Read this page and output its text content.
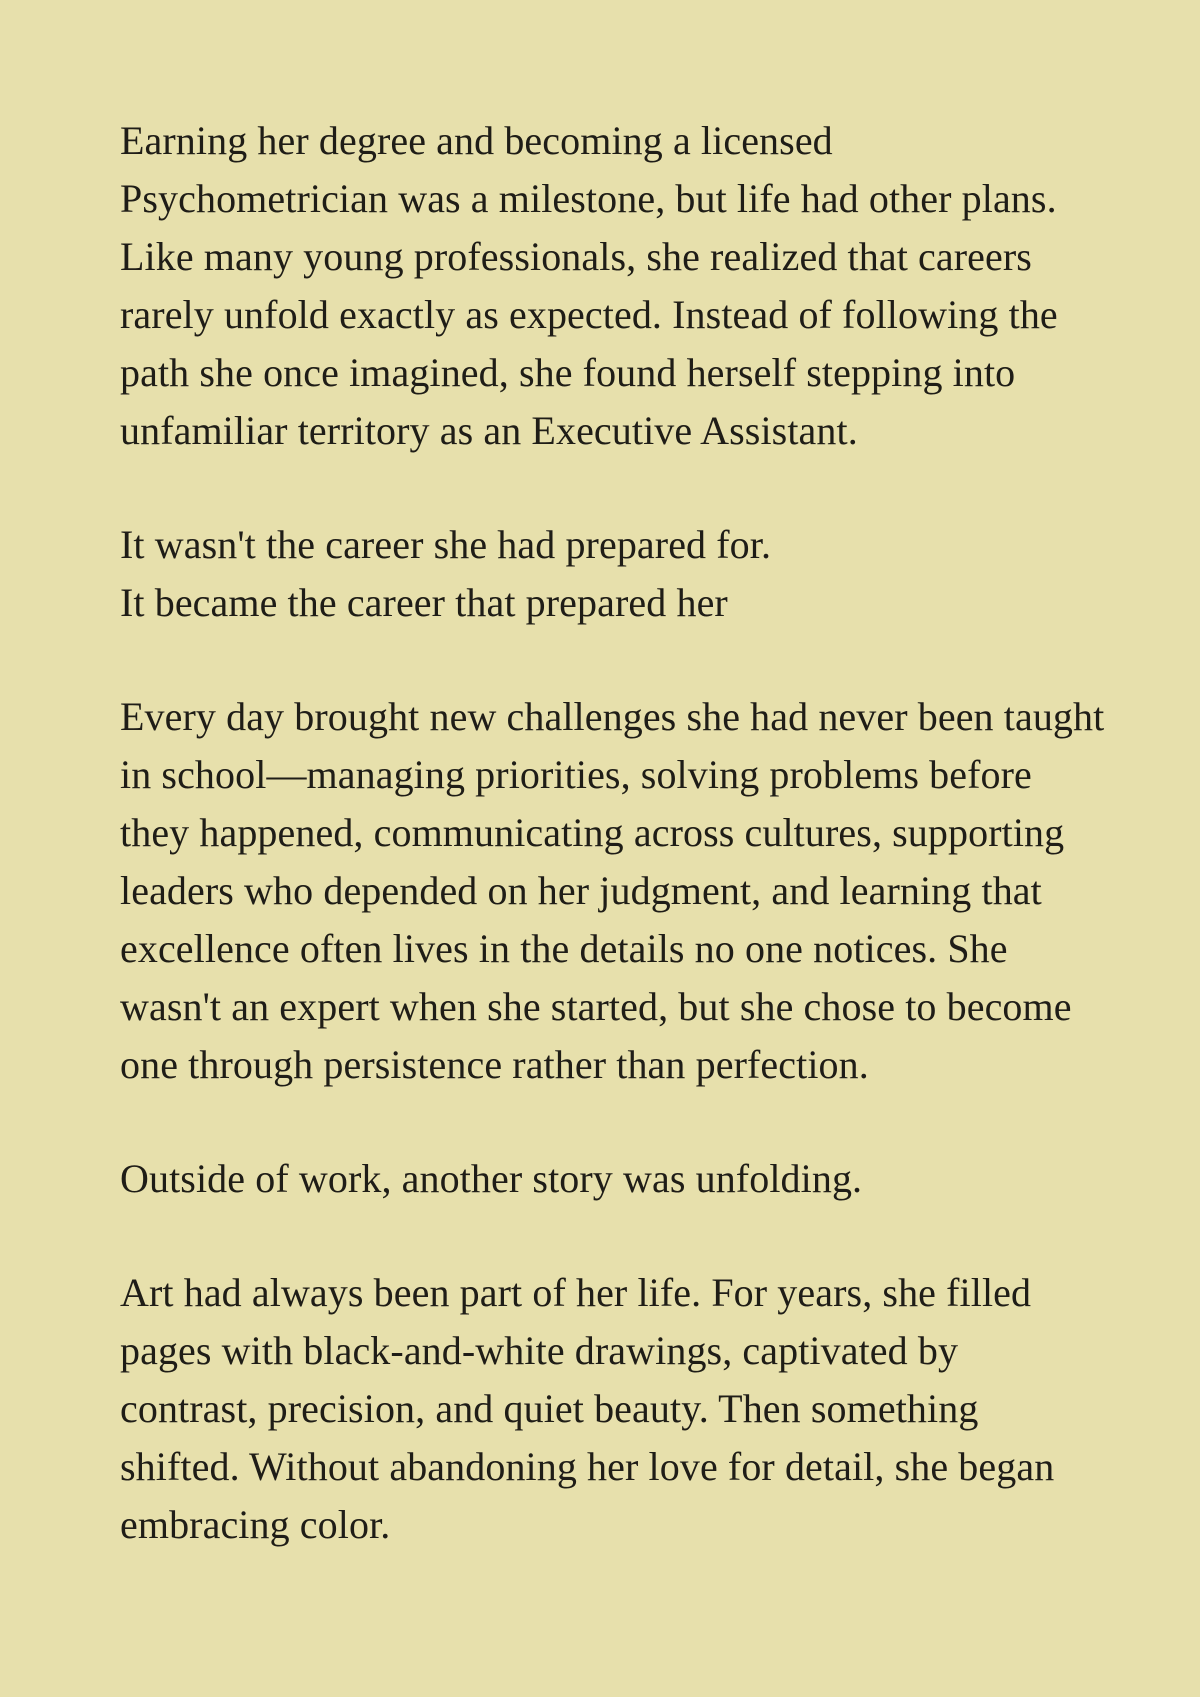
Earning her degree and becoming a licensed
Psychometrician was a milestone, but life had other plans.
Like many young professionals, she realized that careers
rarely unfold exactly as expected. Instead of following the
path she once imagined, she found herself stepping into
unfamiliar territory as an Executive Assistant.

It wasn't the career she had prepared for.
It became the career that prepared her

Every day brought new challenges she had never been taught
in school—managing priorities, solving problems before
they happened, communicating across cultures, supporting
leaders who depended on her judgment, and learning that
excellence often lives in the details no one notices. She
wasn't an expert when she started, but she chose to become
one through persistence rather than perfection.

Outside of work, another story was unfolding.

Art had always been part of her life. For years, she filled
pages with black-and-white drawings, captivated by
contrast, precision, and quiet beauty. Then something
shifted. Without abandoning her love for detail, she began
embracing color.
